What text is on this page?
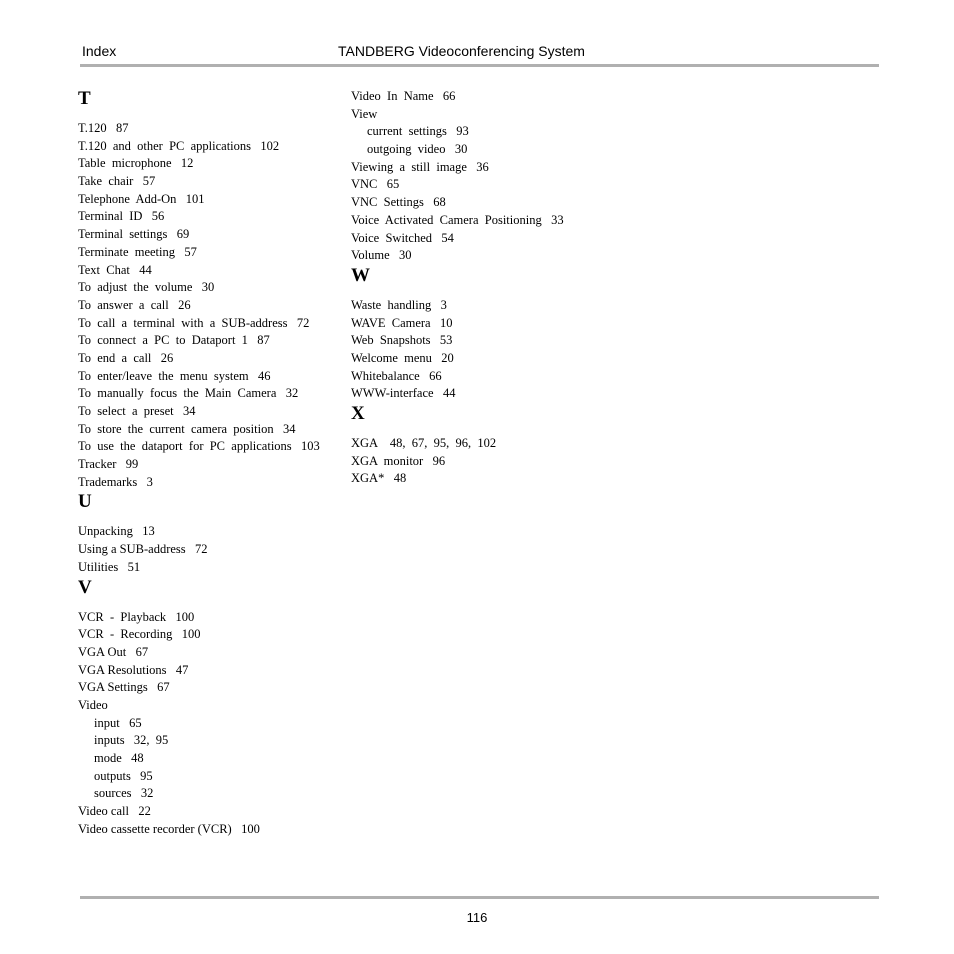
Index	TANDBERG Videoconferencing System
T
T.120   87
T.120  and  other  PC  applications   102
Table  microphone   12
Take  chair   57
Telephone  Add-On   101
Terminal  ID   56
Terminal  settings   69
Terminate  meeting   57
Text  Chat   44
To  adjust  the  volume   30
To  answer  a  call   26
To  call  a  terminal  with  a  SUB-address   72
To  connect  a  PC  to  Dataport  1   87
To  end  a  call   26
To  enter/leave  the  menu  system   46
To  manually  focus  the  Main  Camera   32
To  select  a  preset   34
To  store  the  current  camera  position   34
To  use  the  dataport  for  PC  applications   103
Tracker   99
Trademarks   3
U
Unpacking   13
Using a SUB-address   72
Utilities   51
V
VCR  -  Playback   100
VCR  -  Recording   100
VGA Out   67
VGA Resolutions   47
VGA Settings   67
Video
input   65
inputs   32,  95
mode   48
outputs   95
sources   32
Video call   22
Video cassette recorder (VCR)   100
Video  In  Name   66
View
current  settings   93
outgoing  video   30
Viewing  a  still  image   36
VNC   65
VNC  Settings   68
Voice  Activated  Camera  Positioning   33
Voice  Switched   54
Volume   30
W
Waste  handling   3
WAVE  Camera   10
Web  Snapshots   53
Welcome  menu   20
Whitebalance   66
WWW-interface   44
X
XGA    48,  67,  95,  96,  102
XGA  monitor   96
XGA*   48
116
